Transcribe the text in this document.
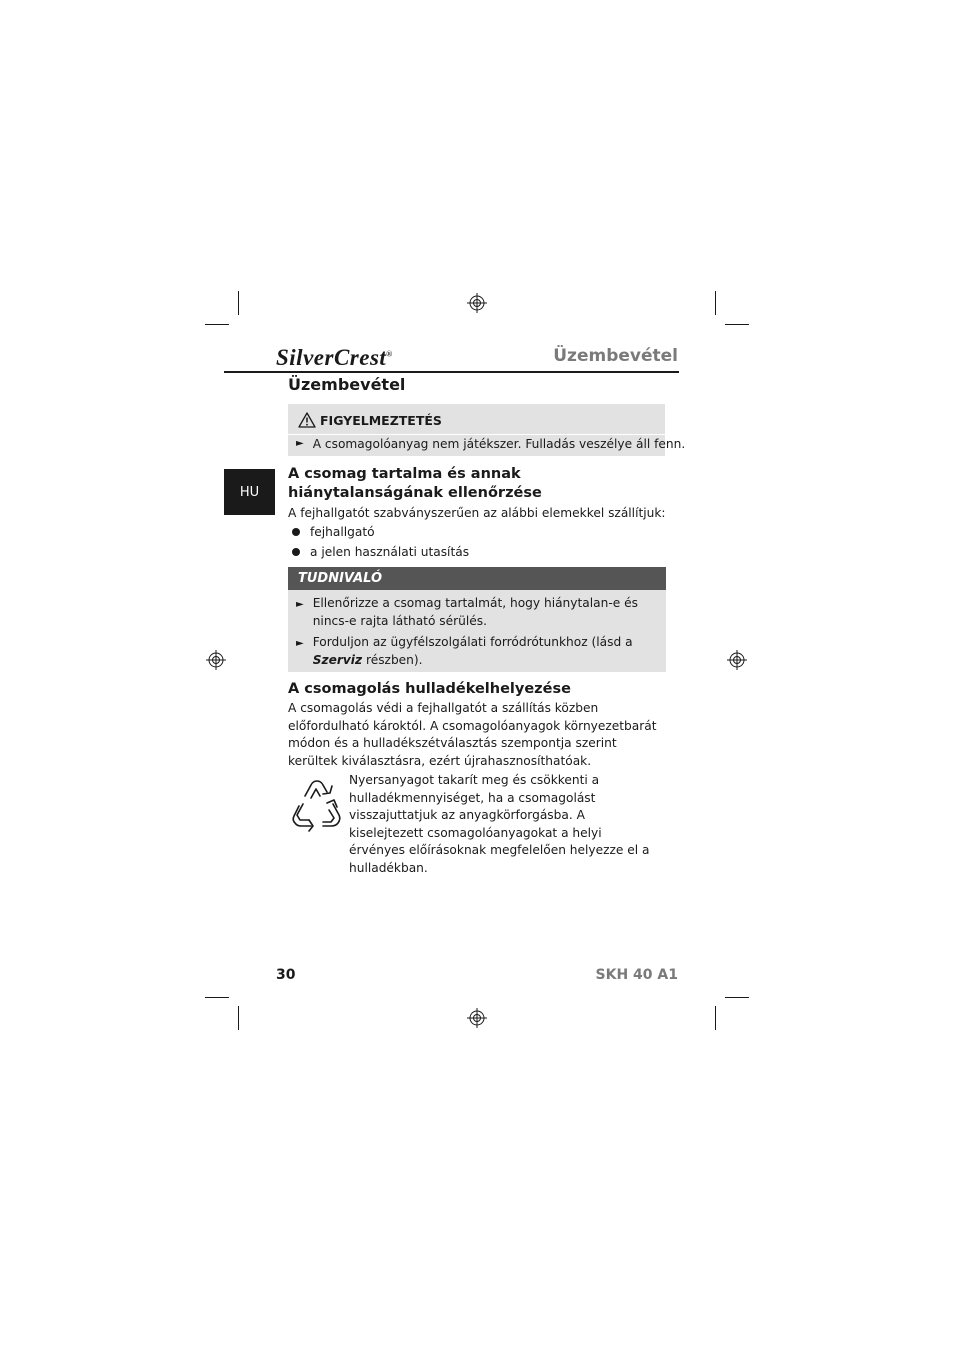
SilverCrest®	Üzembevétel
HU
Üzembevétel
FIGYELMEZTETÉS
► A csomagolóanyag nem játékszer. Fulladás veszélye áll fenn.
A csomag tartalma és annak hiánytalanságának ellenőrzése
A fejhallgatót szabványszerűen az alábbi elemekkel szállítjuk:
fejhallgató
a jelen használati utasítás
TUDNIVALÓ
► Ellenőrizze a csomag tartalmát, hogy hiánytalan-e és nincs-e rajta látható sérülés.
► Forduljon az ügyfélszolgálati forródrótunkhoz (lásd a Szerviz részben).
A csomagolás hulladékelhelyezése
A csomagolás védi a fejhallgatót a szállítás közben előfordulható károktól. A csomagolóanyagok környezetbarát módon és a hulladékszétválasztás szempontja szerint kerültek kiválasztásra, ezért újrahasznosíthatóak.
Nyersanyagot takarít meg és csökkenti a hulladékmennyiséget, ha a csomagolást visszajuttatjuk az anyagkörforgásba. A kiselejtezett csomagolóanyagokat a helyi érvényes előírásoknak megfelelően helyezze el a hulladékban.
30	SKH 40 A1
